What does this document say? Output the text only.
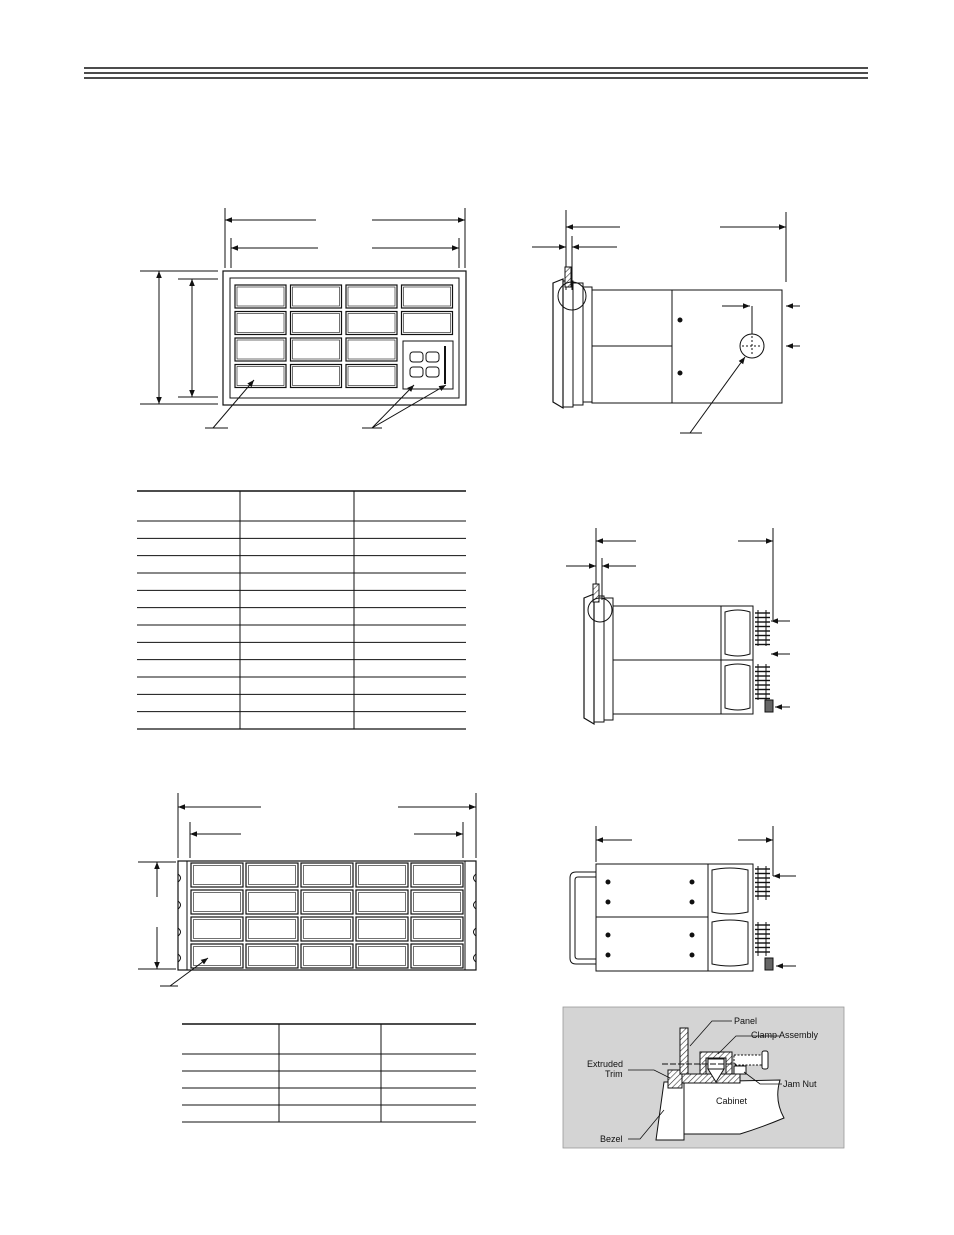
Panel
Clamp Assembly
Extruded
Trim
Jam Nut
Cabinet
Bezel
